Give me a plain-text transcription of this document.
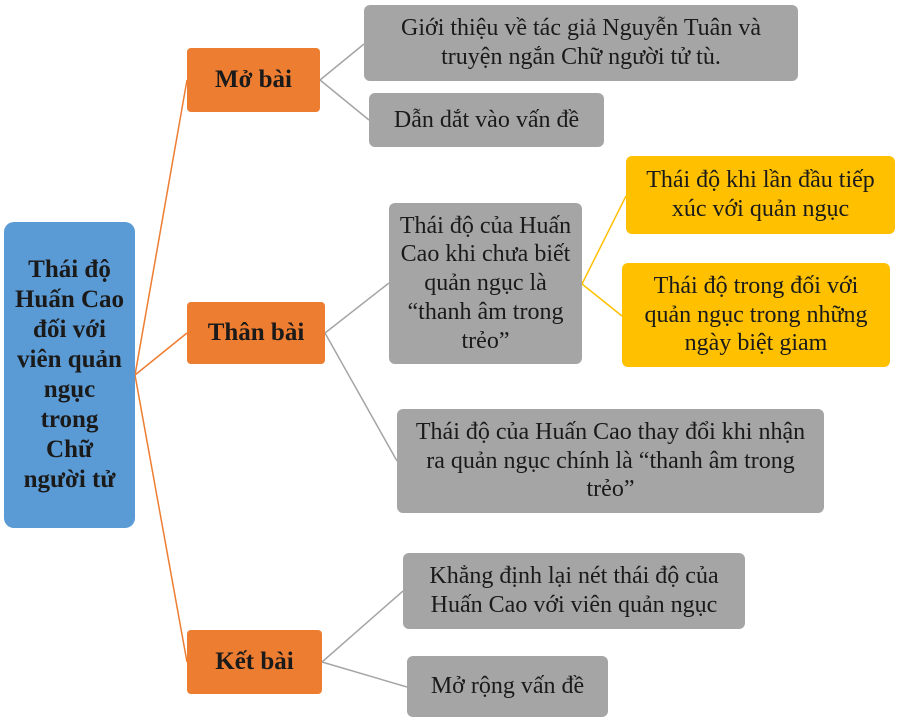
Thái độ Huấn Cao đối với viên quản ngục trong Chữ người tử
Mở bài
Thân bài
Kết bài
Giới thiệu về tác giả Nguyễn Tuân và truyện ngắn Chữ người tử tù.
Dẫn dắt vào vấn đề
Thái độ của Huấn Cao khi chưa biết quản ngục là “thanh âm trong trẻo”
Thái độ khi lần đầu tiếp xúc với quản ngục
Thái độ trong đối với quản ngục trong những ngày biệt giam
Thái độ của Huấn Cao thay đổi khi nhận ra quản ngục chính là “thanh âm trong trẻo”
Khẳng định lại nét thái độ của Huấn Cao với viên quản ngục
Mở rộng vấn đề
